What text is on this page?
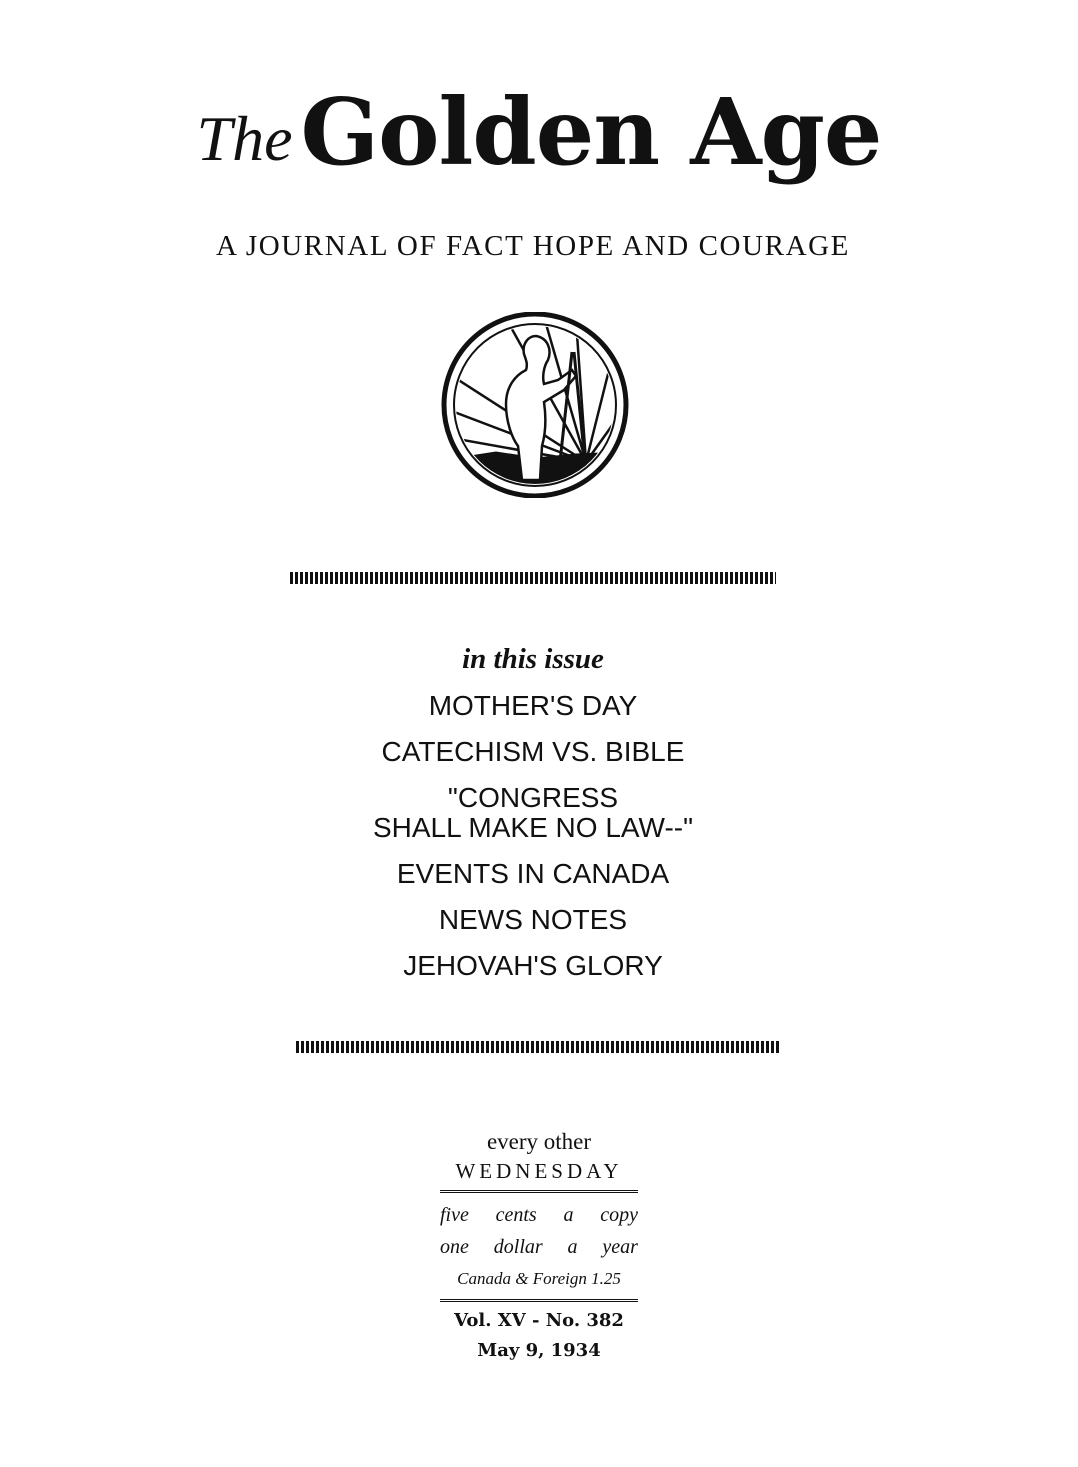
TheGolden Age
A JOURNAL OF FACT HOPE AND COURAGE
in this issue
MOTHER'S DAY
CATECHISM VS. BIBLE
"CONGRESS
SHALL MAKE NO LAW--"
EVENTS IN CANADA
NEWS NOTES
JEHOVAH'S GLORY
every other
WEDNESDAY
five cents a copy
one dollar a year
Canada & Foreign 1.25
Vol. XV - No. 382
May 9, 1934
